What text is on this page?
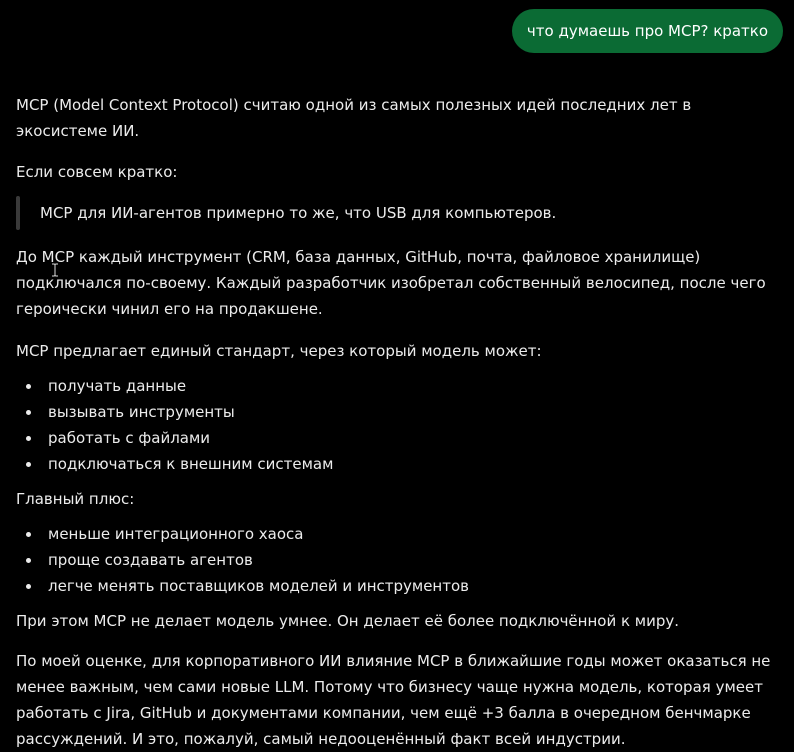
что думаешь про MCP? кратко

MCP (Model Context Protocol) считаю одной из самых полезных идей последних лет в экосистеме ИИ.

Если совсем кратко:

MCP для ИИ-агентов примерно то же, что USB для компьютеров.

До MCP каждый инструмент (CRM, база данных, GitHub, почта, файловое хранилище) подключался по-своему. Каждый разработчик изобретал собственный велосипед, после чего героически чинил его на продакшене.

MCP предлагает единый стандарт, через который модель может:

получать данные
вызывать инструменты
работать с файлами
подключаться к внешним системам

Главный плюс:

меньше интеграционного хаоса
проще создавать агентов
легче менять поставщиков моделей и инструментов

При этом MCP не делает модель умнее. Он делает её более подключённой к миру.

По моей оценке, для корпоративного ИИ влияние MCP в ближайшие годы может оказаться не менее важным, чем сами новые LLM. Потому что бизнесу чаще нужна модель, которая умеет работать с Jira, GitHub и документами компании, чем ещё +3 балла в очередном бенчмарке рассуждений. И это, пожалуй, самый недооценённый факт всей индустрии.
